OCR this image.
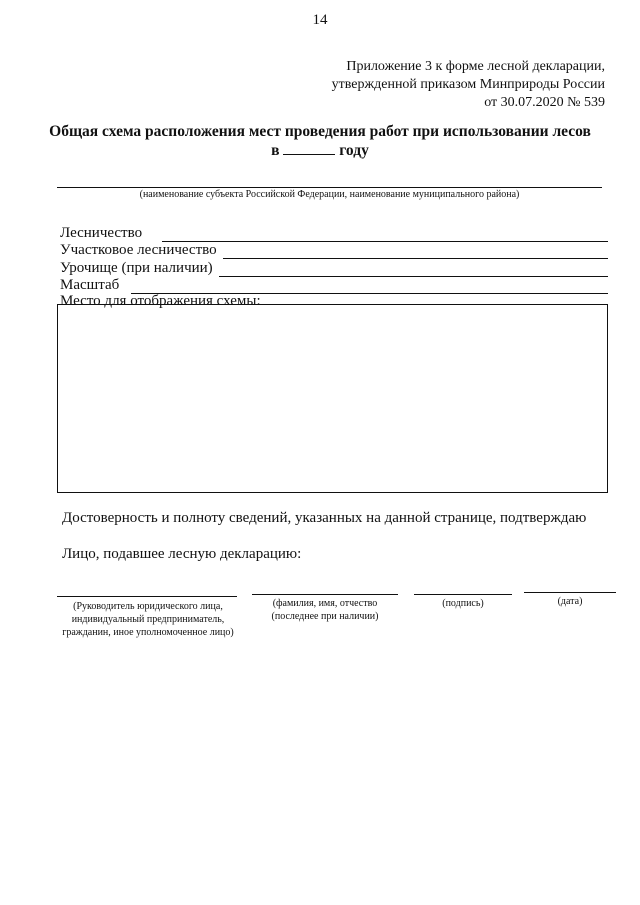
14
Приложение 3 к форме лесной декларации,
утвержденной приказом Минприроды России
от 30.07.2020 № 539
Общая схема расположения мест проведения работ при использовании лесов
в	году
(наименование субъекта Российской Федерации, наименование муниципального района)
Лесничество
Участковое лесничество
Урочище (при наличии)
Масштаб
Место для отображения схемы:
Достоверность и полноту сведений, указанных на данной странице, подтверждаю
Лицо, подавшее лесную декларацию:
(Руководитель юридического лица, индивидуальный предприниматель, гражданин, иное уполномоченное лицо)
(фамилия, имя, отчество (последнее при наличии)
(подпись)	(дата)
